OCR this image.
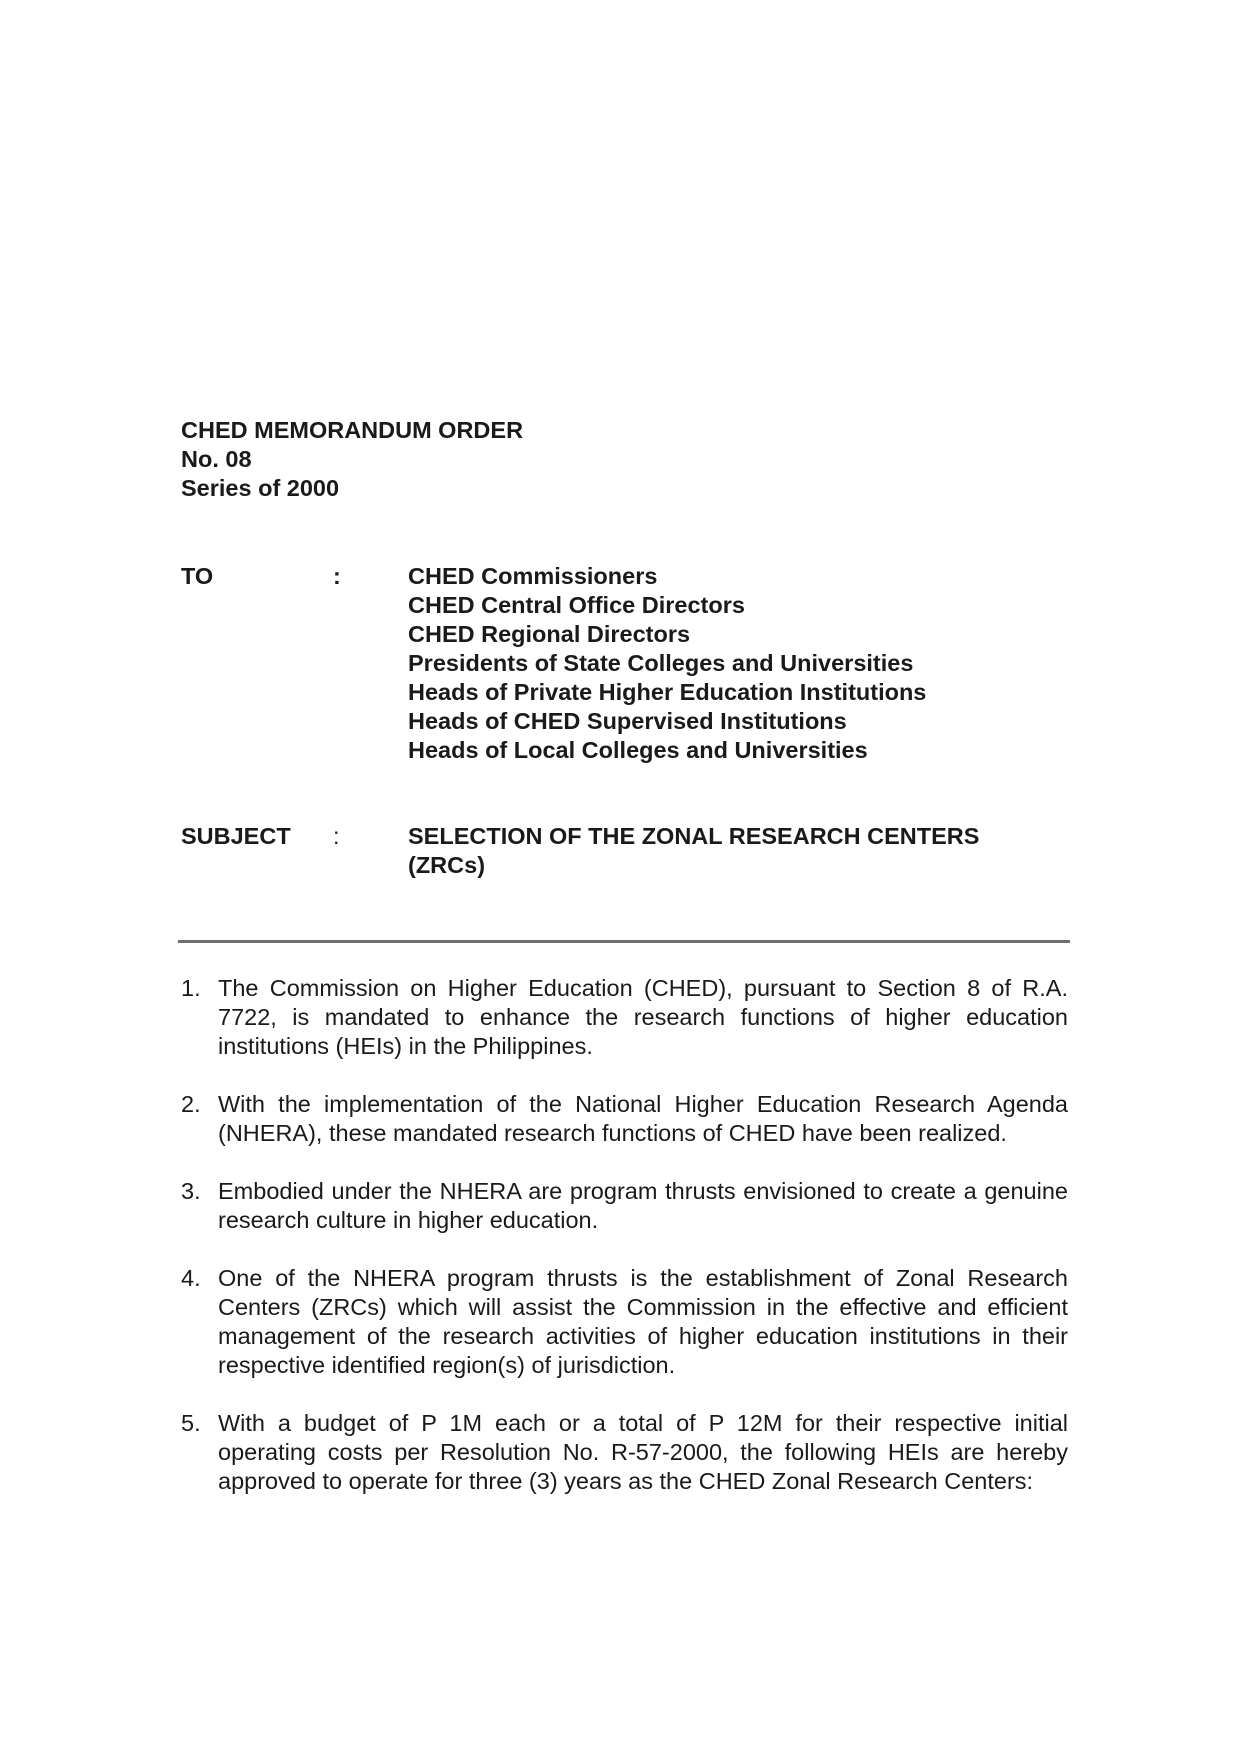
CHED MEMORANDUM ORDER
No. 08
Series of 2000
TO	:	CHED Commissioners
CHED Central Office Directors
CHED Regional Directors
Presidents of State Colleges and Universities
Heads of Private Higher Education Institutions
Heads of CHED Supervised Institutions
Heads of Local Colleges and Universities
SUBJECT :	SELECTION OF THE ZONAL RESEARCH CENTERS (ZRCs)
1. The Commission on Higher Education (CHED), pursuant to Section 8 of R.A. 7722, is mandated to enhance the research functions of higher education institutions (HEIs) in the Philippines.
2. With the implementation of the National Higher Education Research Agenda (NHERA), these mandated research functions of CHED have been realized.
3. Embodied under the NHERA are program thrusts envisioned to create a genuine research culture in higher education.
4. One of the NHERA program thrusts is the establishment of Zonal Research Centers (ZRCs) which will assist the Commission in the effective and efficient management of the research activities of higher education institutions in their respective identified region(s) of jurisdiction.
5. With a budget of P 1M each or a total of P 12M for their respective initial operating costs per Resolution No. R-57-2000, the following HEIs are hereby approved to operate for three (3) years as the CHED Zonal Research Centers:
